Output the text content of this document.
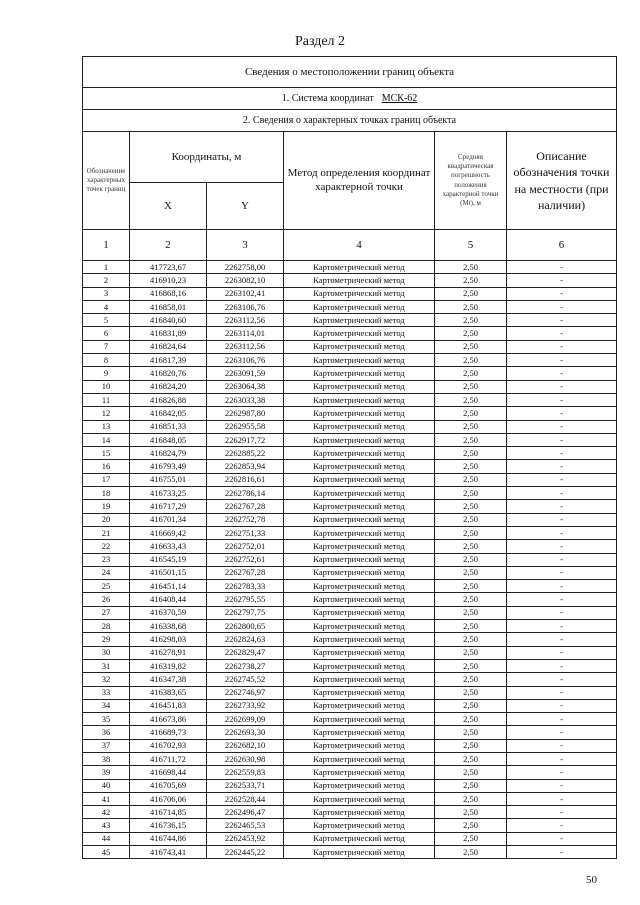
Раздел 2
Сведения о местоположении границ объекта					
1. Система координат МСК-62					
2. Сведения о характерных точках границ объекта					
Обозначение характерных точек границ	Координаты, м		Метод определения координат характерной точки	Средняя квадратическая погрешность положения характерной точки (Mt), м	Описание обозначения точки на местности (при наличии)
	X	Y			
1	2	3	4	5	6
1	417723,67	2262758,00	Картометрический метод	2,50	-
2	416910,23	2263082,10	Картометрический метод	2,50	-
3	416868,16	2263102,41	Картометрический метод	2,50	-
4	416858,01	2263106,76	Картометрический метод	2,50	-
5	416840,60	2263112,56	Картометрический метод	2,50	-
6	416831,89	2263114,01	Картометрический метод	2,50	-
7	416824,64	2263112,56	Картометрический метод	2,50	-
8	416817,39	2263106,76	Картометрический метод	2,50	-
9	416820,76	2263091,59	Картометрический метод	2,50	-
10	416824,20	2263064,38	Картометрический метод	2,50	-
11	416826,88	2263033,38	Картометрический метод	2,50	-
12	416842,05	2262987,80	Картометрический метод	2,50	-
13	416851,33	2262955,58	Картометрический метод	2,50	-
14	416848,05	2262917,72	Картометрический метод	2,50	-
15	416824,79	2262885,22	Картометрический метод	2,50	-
16	416793,49	2262853,94	Картометрический метод	2,50	-
17	416755,01	2262816,61	Картометрический метод	2,50	-
18	416733,25	2262786,14	Картометрический метод	2,50	-
19	416717,29	2262767,28	Картометрический метод	2,50	-
20	416701,34	2262752,78	Картометрический метод	2,50	-
21	416669,42	2262751,33	Картометрический метод	2,50	-
22	416633,43	2262752,01	Картометрический метод	2,50	-
23	416545,19	2262752,61	Картометрический метод	2,50	-
24	416501,15	2262767,28	Картометрический метод	2,50	-
25	416451,14	2262783,33	Картометрический метод	2,50	-
26	416408,44	2262795,55	Картометрический метод	2,50	-
27	416370,59	2262797,75	Картометрический метод	2,50	-
28	416338,68	2262800,65	Картометрический метод	2,50	-
29	416298,03	2262824,63	Картометрический метод	2,50	-
30	416278,91	2262829,47	Картометрический метод	2,50	-
31	416319,82	2262738,27	Картометрический метод	2,50	-
32	416347,38	2262745,52	Картометрический метод	2,50	-
33	416383,65	2262746,97	Картометрический метод	2,50	-
34	416451,83	2262733,92	Картометрический метод	2,50	-
35	416673,86	2262699,09	Картометрический метод	2,50	-
36	416689,73	2262693,30	Картометрический метод	2,50	-
37	416702,93	2262682,10	Картометрический метод	2,50	-
38	416711,72	2262630,98	Картометрический метод	2,50	-
39	416698,44	2262559,83	Картометрический метод	2,50	-
40	416705,69	2262533,71	Картометрический метод	2,50	-
41	416706,06	2262528,44	Картометрический метод	2,50	-
42	416714,85	2262496,47	Картометрический метод	2,50	-
43	416736,15	2262465,53	Картометрический метод	2,50	-
44	416744,86	2262453,92	Картометрический метод	2,50	-
45	416743,41	2262445,22	Картометрический метод	2,50	-
50
